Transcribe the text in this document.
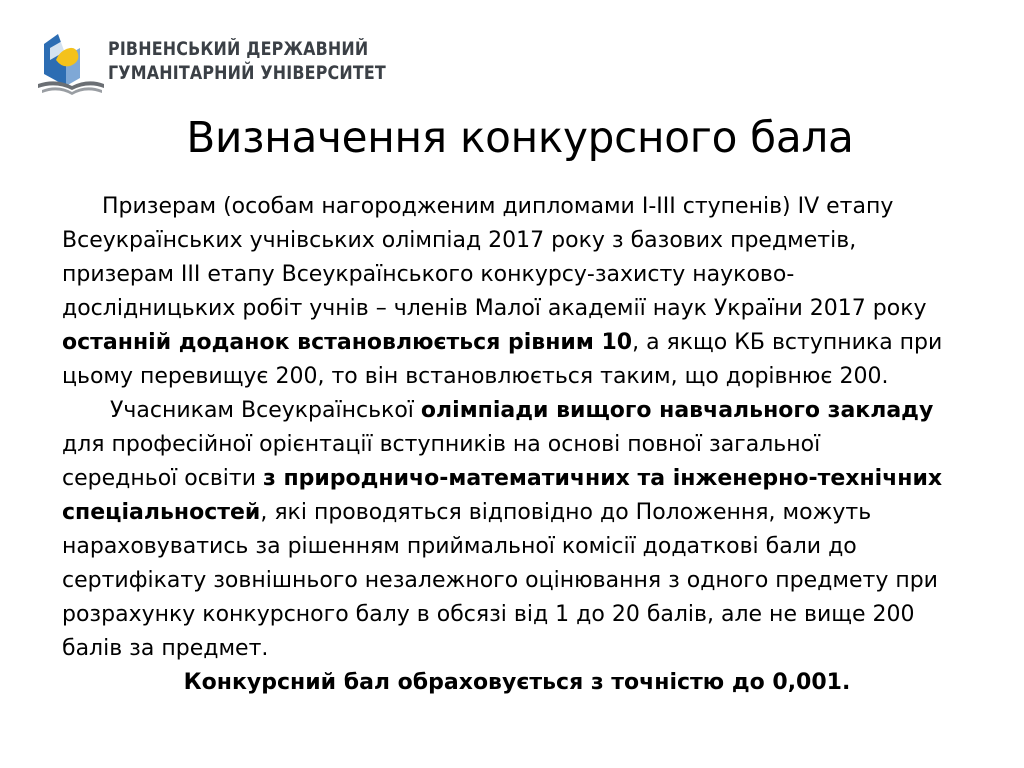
РІВНЕНСЬКИЙ ДЕРЖАВНИЙ
ГУМАНІТАРНИЙ УНІВЕРСИТЕТ
Визначення конкурсного бала

Призерам (особам нагородженим дипломами І-ІІІ ступенів) IV етапу
Всеукраїнських учнівських олімпіад 2017 року з базових предметів,
призерам ІІІ етапу Всеукраїнського конкурсу-захисту науково-
дослідницьких робіт учнів – членів Малої академії наук України 2017 року
останній доданок встановлюється рівним 10, а якщо КБ вступника при
цьому перевищує 200, то він встановлюється таким, що дорівнює 200.

Учасникам Всеукраїнської олімпіади вищого навчального закладу
для професійної орієнтації вступників на основі повної загальної
середньої освіти з природничо-математичних та інженерно-технічних
спеціальностей, які проводяться відповідно до Положення, можуть
нараховуватись за рішенням приймальної комісії додаткові бали до
сертифікату зовнішнього незалежного оцінювання з одного предмету при
розрахунку конкурсного балу в обсязі від 1 до 20 балів, але не вище 200
балів за предмет.

Конкурсний бал обраховується з точністю до 0,001.
